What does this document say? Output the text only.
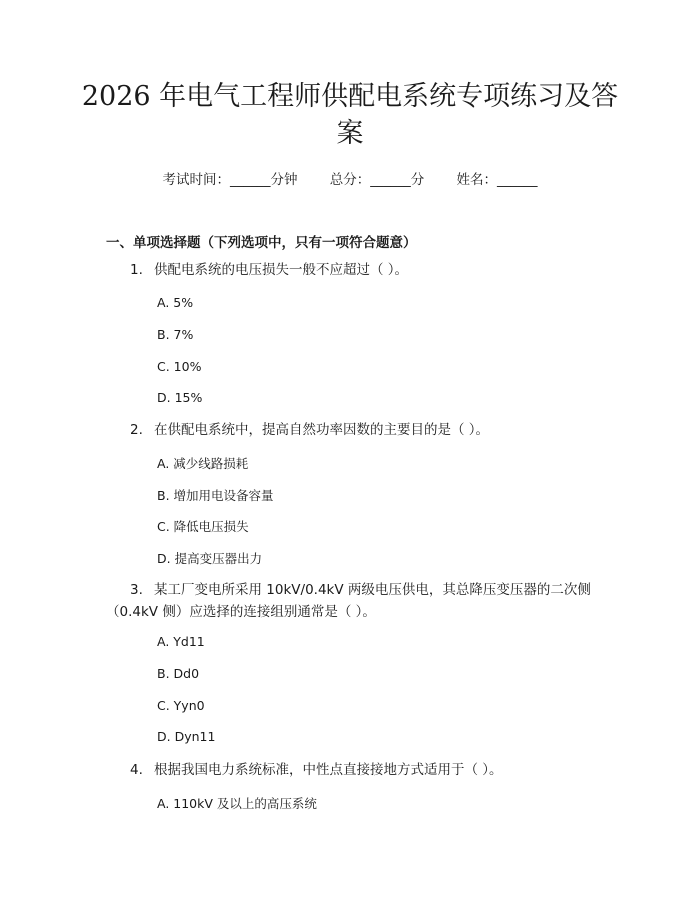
2026 年电气工程师供配电系统专项练习及答
案
考试时间：______分钟 总分：______分 姓名：______
一、单项选择题（下列选项中，只有一项符合题意）
1. 供配电系统的电压损失一般不应超过（ ）。
A. 5%
B. 7%
C. 10%
D. 15%
2. 在供配电系统中，提高自然功率因数的主要目的是（ ）。
A. 减少线路损耗
B. 增加用电设备容量
C. 降低电压损失
D. 提高变压器出力
3. 某工厂变电所采用 10kV/0.4kV 两级电压供电，其总降压变压器的二次侧
（0.4kV 侧）应选择的连接组别通常是（ ）。
A. Yd11
B. Dd0
C. Yyn0
D. Dyn11
4. 根据我国电力系统标准，中性点直接接地方式适用于（ ）。
A. 110kV 及以上的高压系统
